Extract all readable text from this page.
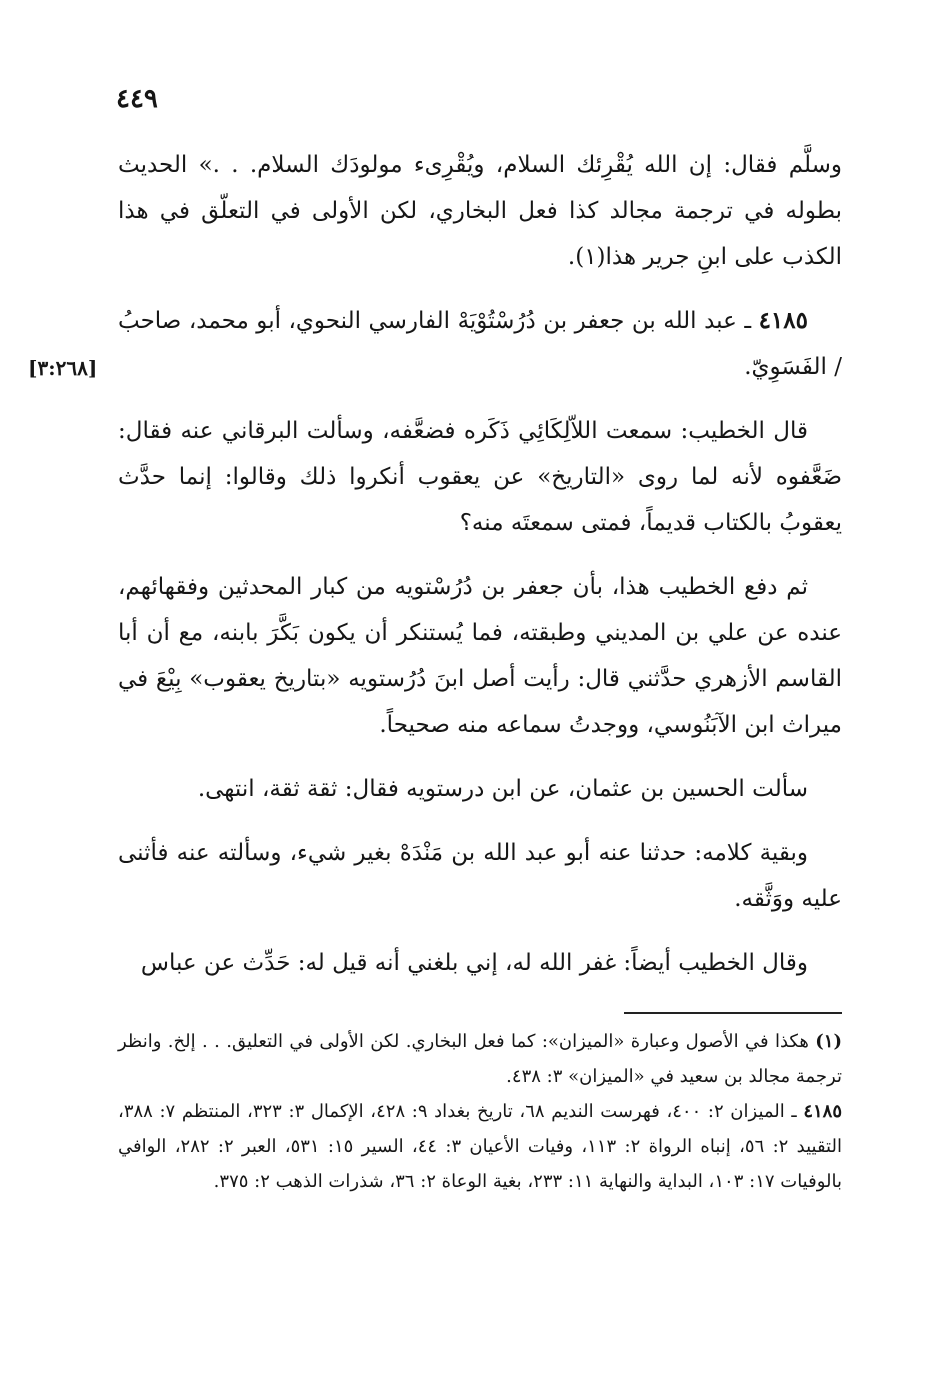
٤٤٩
[٣:٢٦٨]

وسلَّم فقال: إن الله يُقْرِئك السلام، ويُقْرِىء مولودَك السلام. . .» الحديث بطوله في ترجمة مجالد كذا فعل البخاري، لكن الأولى في التعلّق في هذا الكذب على ابنِ جرير هذا(١).

٤١٨٥ ـ عبد الله بن جعفر بن دُرُسْتُوْيَهْ الفارسي النحوي، أبو محمد، صاحبُ / الفَسَوِيّ.

قال الخطيب: سمعت اللاّلِكَائِي ذَكَره فضعَّفه، وسألت البرقاني عنه فقال: ضَعَّفوه لأنه لما روى «التاريخ» عن يعقوب أنكروا ذلك وقالوا: إنما حدَّث يعقوبُ بالكتاب قديماً، فمتى سمعتَه منه؟

ثم دفع الخطيب هذا، بأن جعفر بن دُرُسْتويه من كبار المحدثين وفقهائهم، عنده عن علي بن المديني وطبقته، فما يُستنكر أن يكون بَكَّرَ بابنه، مع أن أبا القاسم الأزهري حدَّثني قال: رأيت أصل ابنَ دُرُستويه «بتاريخ يعقوب» بِيْعَ في ميراث ابن الآبَنُوسي، ووجدتُ سماعه منه صحيحاً.

سألت الحسين بن عثمان، عن ابن درستويه فقال: ثقة ثقة، انتهى.

وبقية كلامه: حدثنا عنه أبو عبد الله بن مَنْدَهْ بغير شيء، وسألته عنه فأثنى عليه ووَثَّقه.

وقال الخطيب أيضاً: غفر الله له، إني بلغني أنه قيل له: حَدِّث عن عباس

(١) هكذا في الأصول وعبارة «الميزان»: كما فعل البخاري. لكن الأولى في التعليق. . . إلخ. وانظر ترجمة مجالد بن سعيد في «الميزان» ٣: ٤٣٨.

٤١٨٥ ـ الميزان ٢: ٤٠٠، فهرست النديم ٦٨، تاريخ بغداد ٩: ٤٢٨، الإكمال ٣: ٣٢٣، المنتظم ٧: ٣٨٨، التقييد ٢: ٥٦، إنباه الرواة ٢: ١١٣، وفيات الأعيان ٣: ٤٤، السير ١٥: ٥٣١، العبر ٢: ٢٨٢، الوافي بالوفيات ١٧: ١٠٣، البداية والنهاية ١١: ٢٣٣، بغية الوعاة ٢: ٣٦، شذرات الذهب ٢: ٣٧٥.
